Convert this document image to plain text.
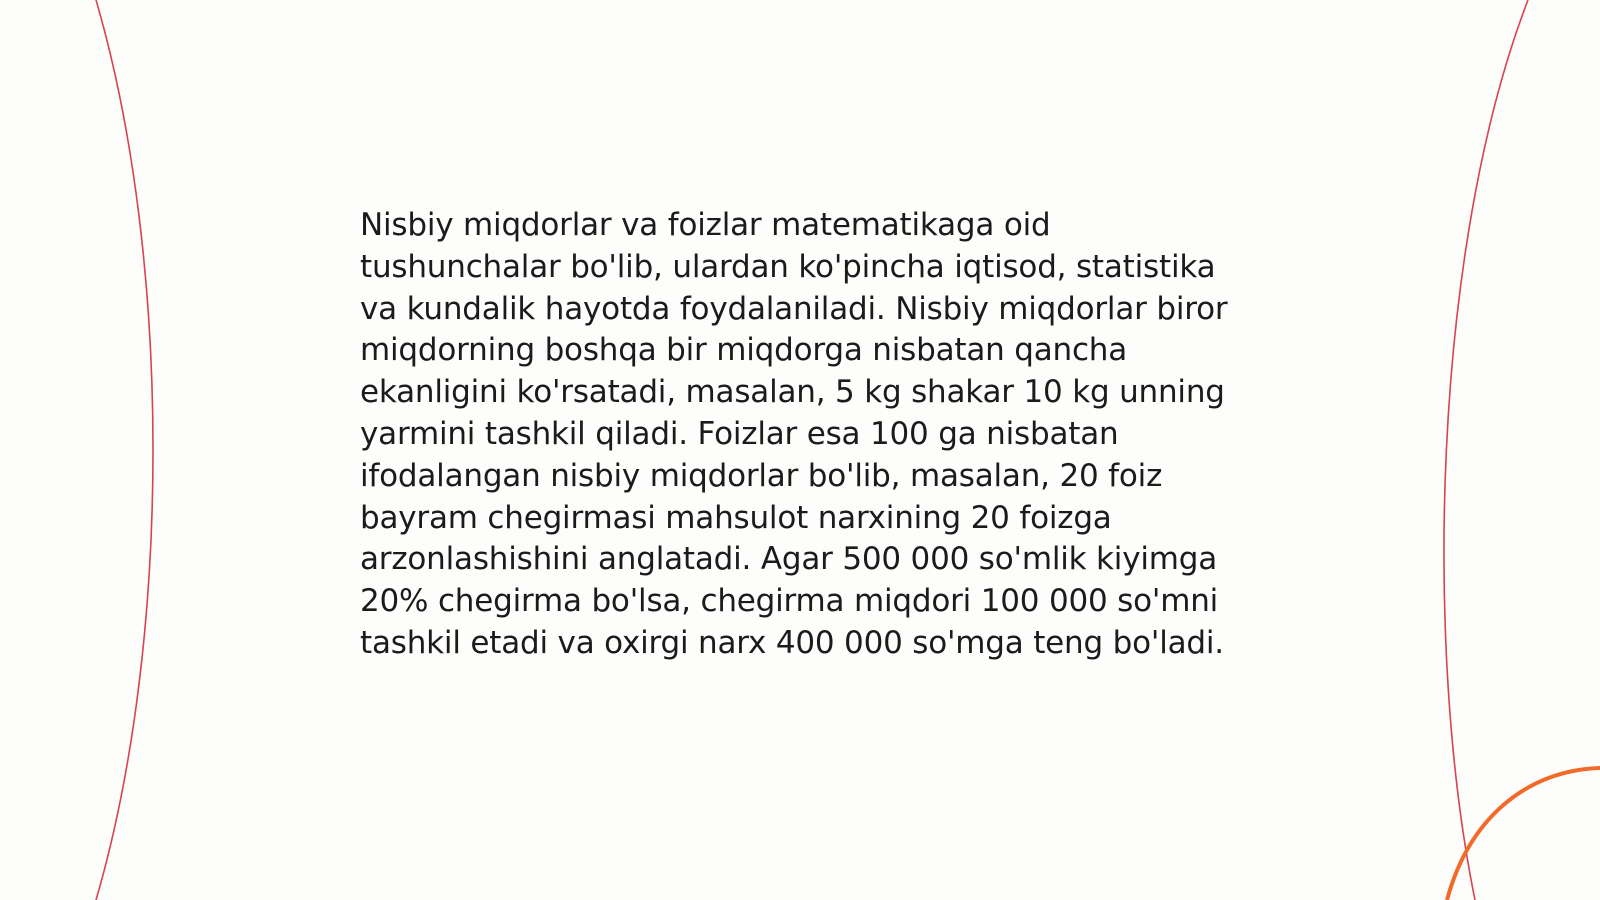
Nisbiy miqdorlar va foizlar matematikaga oid tushunchalar bo'lib, ulardan ko'pincha iqtisod, statistika va kundalik hayotda foydalaniladi. Nisbiy miqdorlar biror miqdorning boshqa bir miqdorga nisbatan qancha ekanligini ko'rsatadi, masalan, 5 kg shakar 10 kg unning yarmini tashkil qiladi. Foizlar esa 100 ga nisbatan ifodalangan nisbiy miqdorlar bo'lib, masalan, 20 foiz bayram chegirmasi mahsulot narxining 20 foizga arzonlashishini anglatadi. Agar 500 000 so'mlik kiyimga 20% chegirma bo'lsa, chegirma miqdori 100 000 so'mni tashkil etadi va oxirgi narx 400 000 so'mga teng bo'ladi.
